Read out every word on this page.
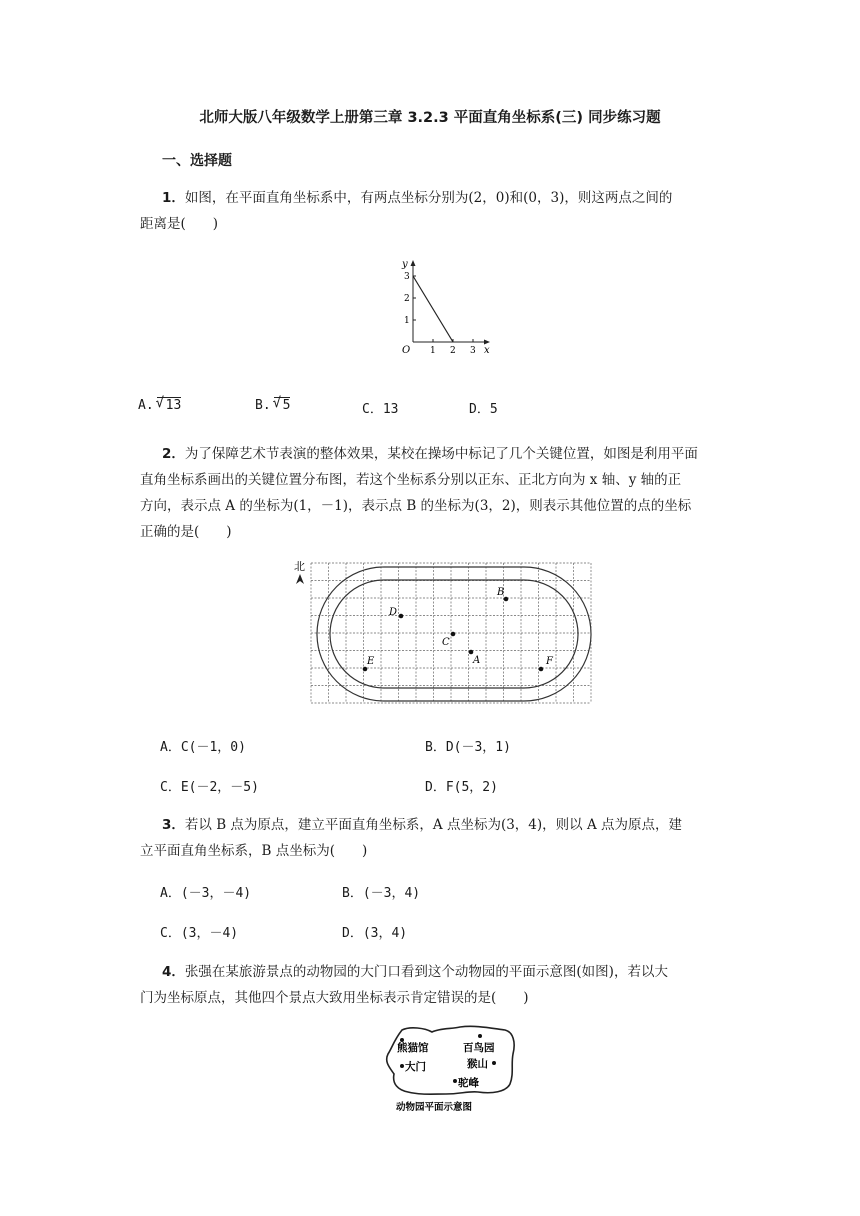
北师大版八年级数学上册第三章 3.2.3 平面直角坐标系(三) 同步练习题
一、选择题
1．如图，在平面直角坐标系中，有两点坐标分别为(2，0)和(0，3)，则这两点之间的
距离是(　　)
y
x
O 1 2 3
1
2
3
A. √ 13	B. √ 5	C．13	D．5
2．为了保障艺术节表演的整体效果，某校在操场中标记了几个关键位置，如图是利用平面
直角坐标系画出的关键位置分布图，若这个坐标系分别以正东、正北方向为 x 轴、y 轴的正
方向，表示点 A 的坐标为(1，－1)，表示点 B 的坐标为(3，2)，则表示其他位置的点的坐标
正确的是(　　)
北
B
D
C
A
E	F
A．C(－1，0)	B．D(－3，1)
C．E(－2，－5)	D．F(5，2)
3．若以 B 点为原点，建立平面直角坐标系，A 点坐标为(3，4)，则以 A 点为原点，建
立平面直角坐标系，B 点坐标为(　　)
A．(－3，－4)	B．(－3，4)
C．(3，－4)	D．(3，4)
4．张强在某旅游景点的动物园的大门口看到这个动物园的平面示意图(如图)，若以大
门为坐标原点，其他四个景点大致用坐标表示肯定错误的是(　　)
熊猫馆	百鸟园
大门	猴山
驼峰
动物园平面示意图
